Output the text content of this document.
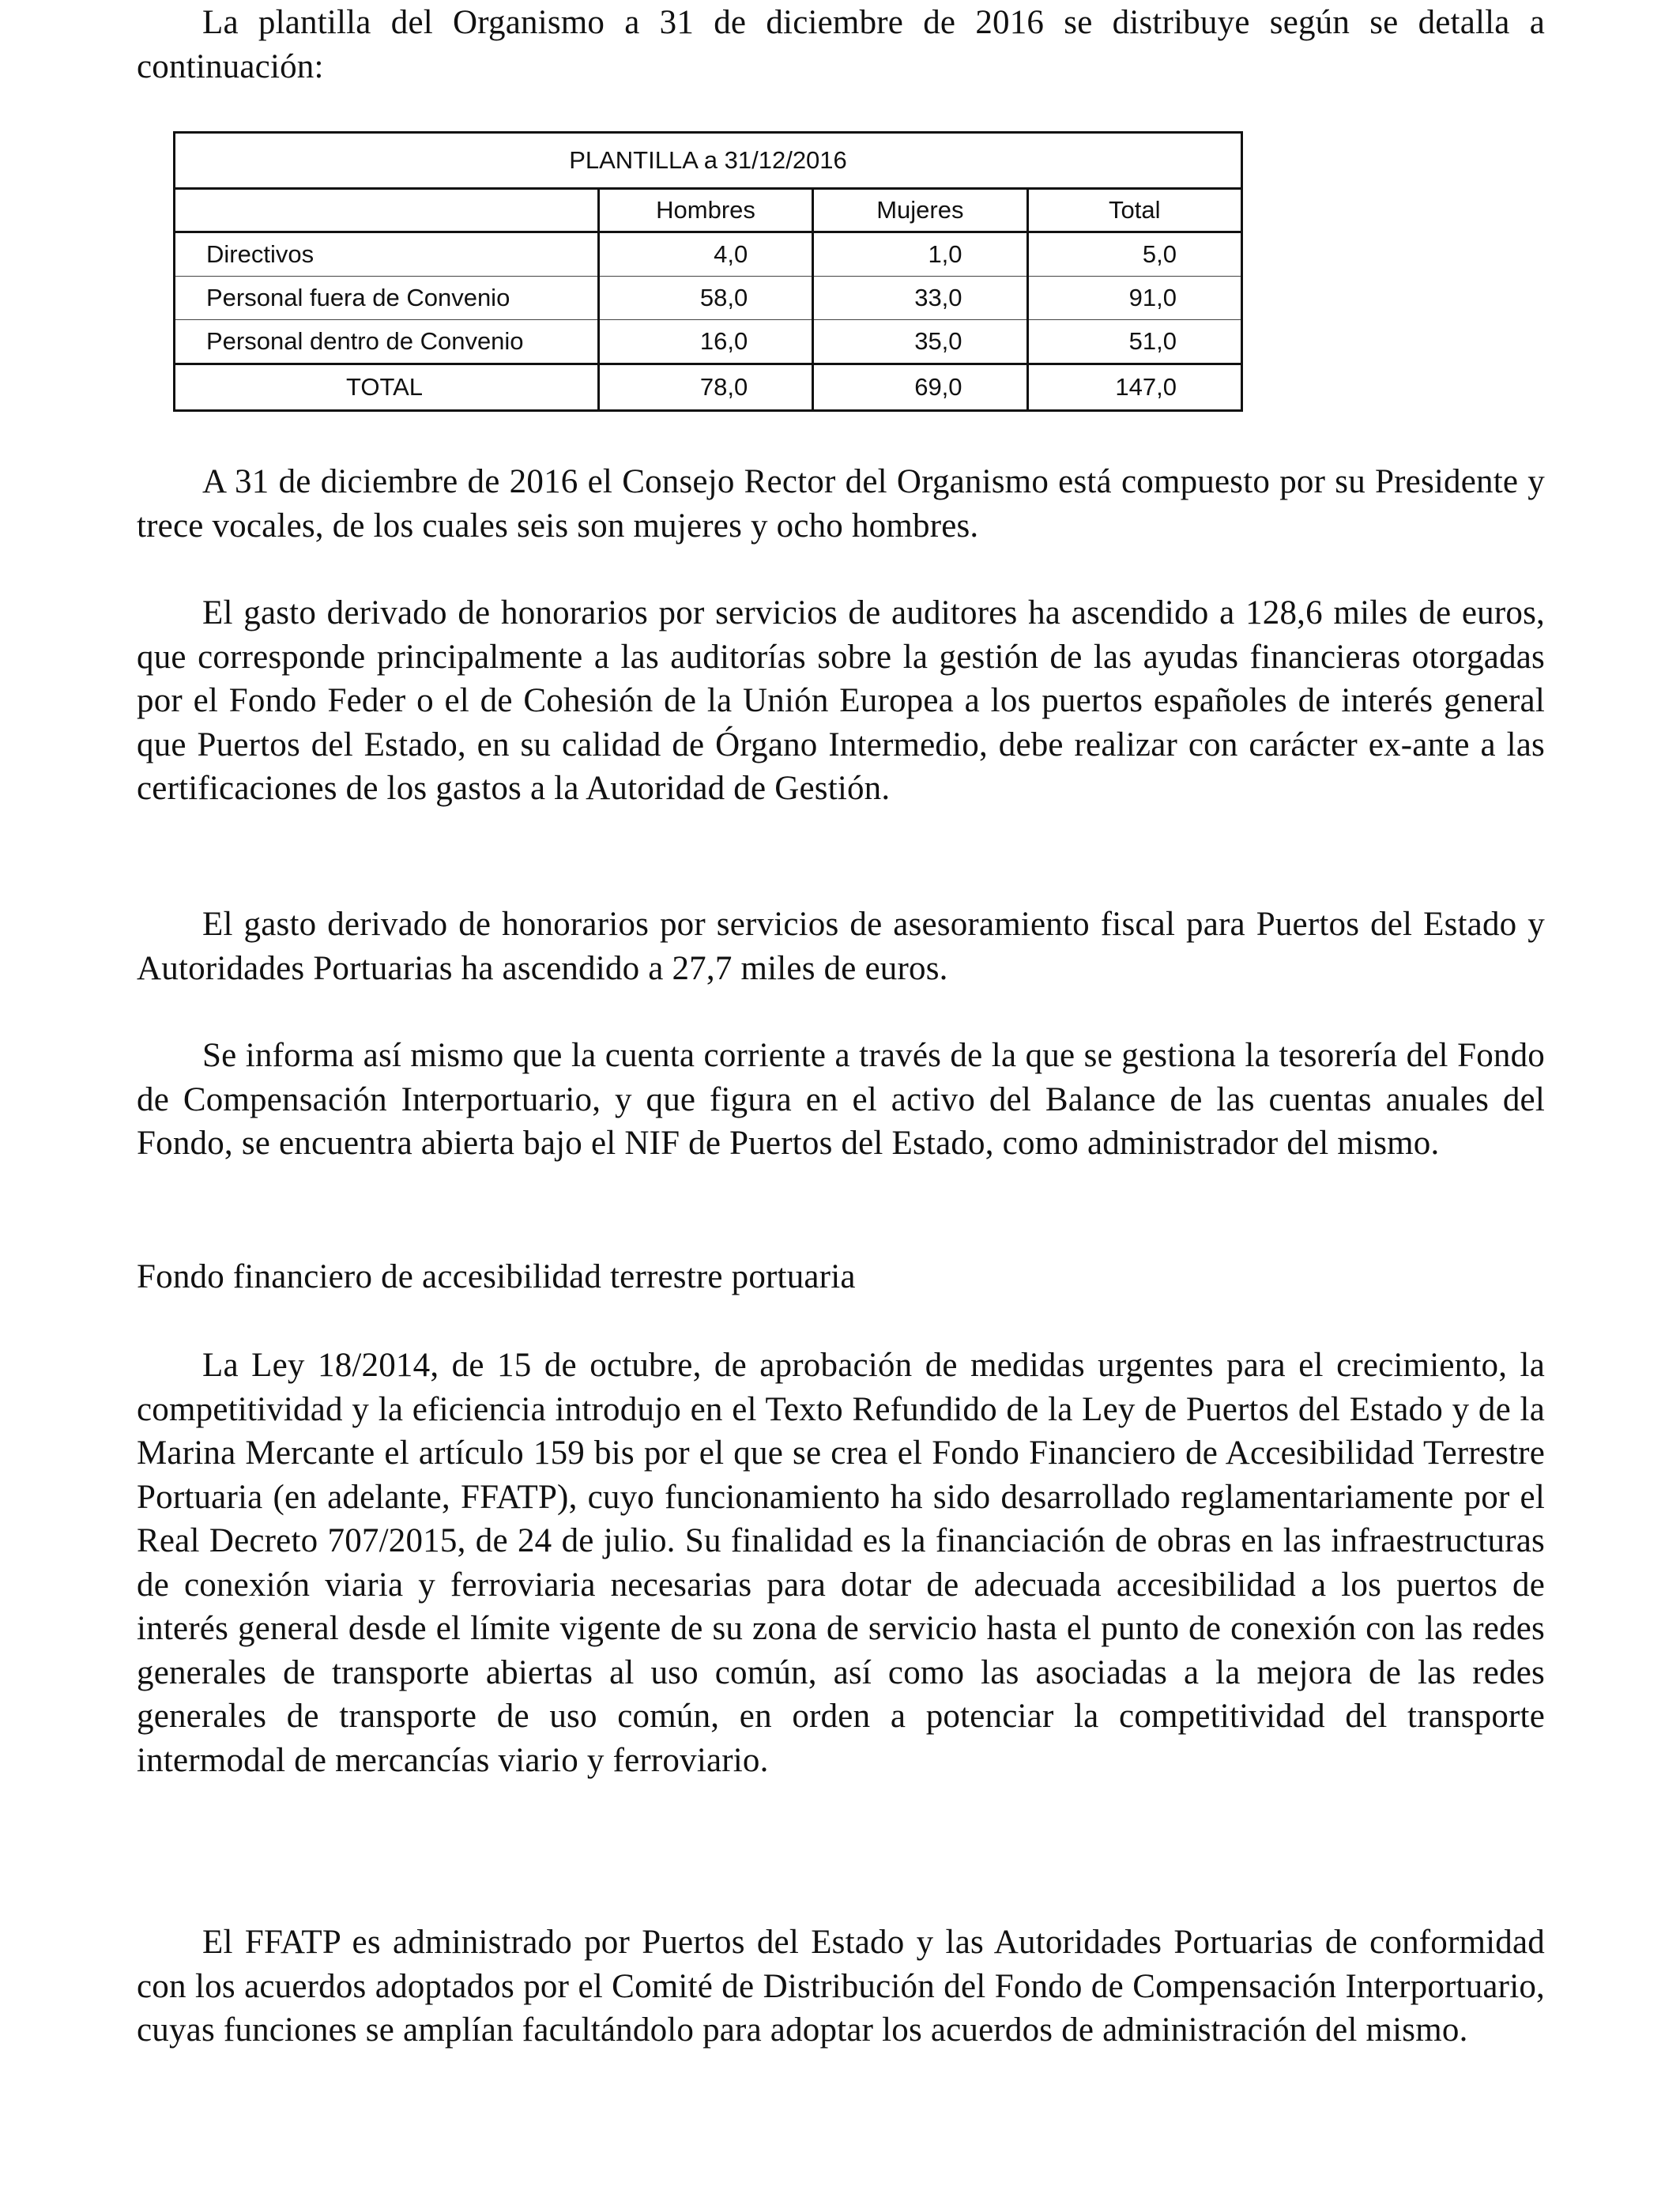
La plantilla del Organismo a 31 de diciembre de 2016 se distribuye según se detalla a continuación:

PLANTILLA a 31/12/2016			
	Hombres	Mujeres	Total
Directivos	4,0	1,0	5,0
Personal fuera de Convenio	58,0	33,0	91,0
Personal dentro de Convenio	16,0	35,0	51,0
TOTAL	78,0	69,0	147,0

A 31 de diciembre de 2016 el Consejo Rector del Organismo está compuesto por su Presidente y trece vocales, de los cuales seis son mujeres y ocho hombres.

El gasto derivado de honorarios por servicios de auditores ha ascendido a 128,6 miles de euros, que corresponde principalmente a las auditorías sobre la gestión de las ayudas financieras otorgadas por el Fondo Feder o el de Cohesión de la Unión Europea a los puertos españoles de interés general que Puertos del Estado, en su calidad de Órgano Intermedio, debe realizar con carácter ex-ante a las certificaciones de los gastos a la Autoridad de Gestión.

El gasto derivado de honorarios por servicios de asesoramiento fiscal para Puertos del Estado y Autoridades Portuarias ha ascendido a 27,7 miles de euros.

Se informa así mismo que la cuenta corriente a través de la que se gestiona la tesorería del Fondo de Compensación Interportuario, y que figura en el activo del Balance de las cuentas anuales del Fondo, se encuentra abierta bajo el NIF de Puertos del Estado, como administrador del mismo.

Fondo financiero de accesibilidad terrestre portuaria

La Ley 18/2014, de 15 de octubre, de aprobación de medidas urgentes para el crecimiento, la competitividad y la eficiencia introdujo en el Texto Refundido de la Ley de Puertos del Estado y de la Marina Mercante el artículo 159 bis por el que se crea el Fondo Financiero de Accesibilidad Terrestre Portuaria (en adelante, FFATP), cuyo funcionamiento ha sido desarrollado reglamentariamente por el Real Decreto 707/2015, de 24 de julio. Su finalidad es la financiación de obras en las infraestructuras de conexión viaria y ferroviaria necesarias para dotar de adecuada accesibilidad a los puertos de interés general desde el límite vigente de su zona de servicio hasta el punto de conexión con las redes generales de transporte abiertas al uso común, así como las asociadas a la mejora de las redes generales de transporte de uso común, en orden a potenciar la competitividad del transporte intermodal de mercancías viario y ferroviario.

El FFATP es administrado por Puertos del Estado y las Autoridades Portuarias de conformidad con los acuerdos adoptados por el Comité de Distribución del Fondo de Compensación Interportuario, cuyas funciones se amplían facultándolo para adoptar los acuerdos de administración del mismo.
